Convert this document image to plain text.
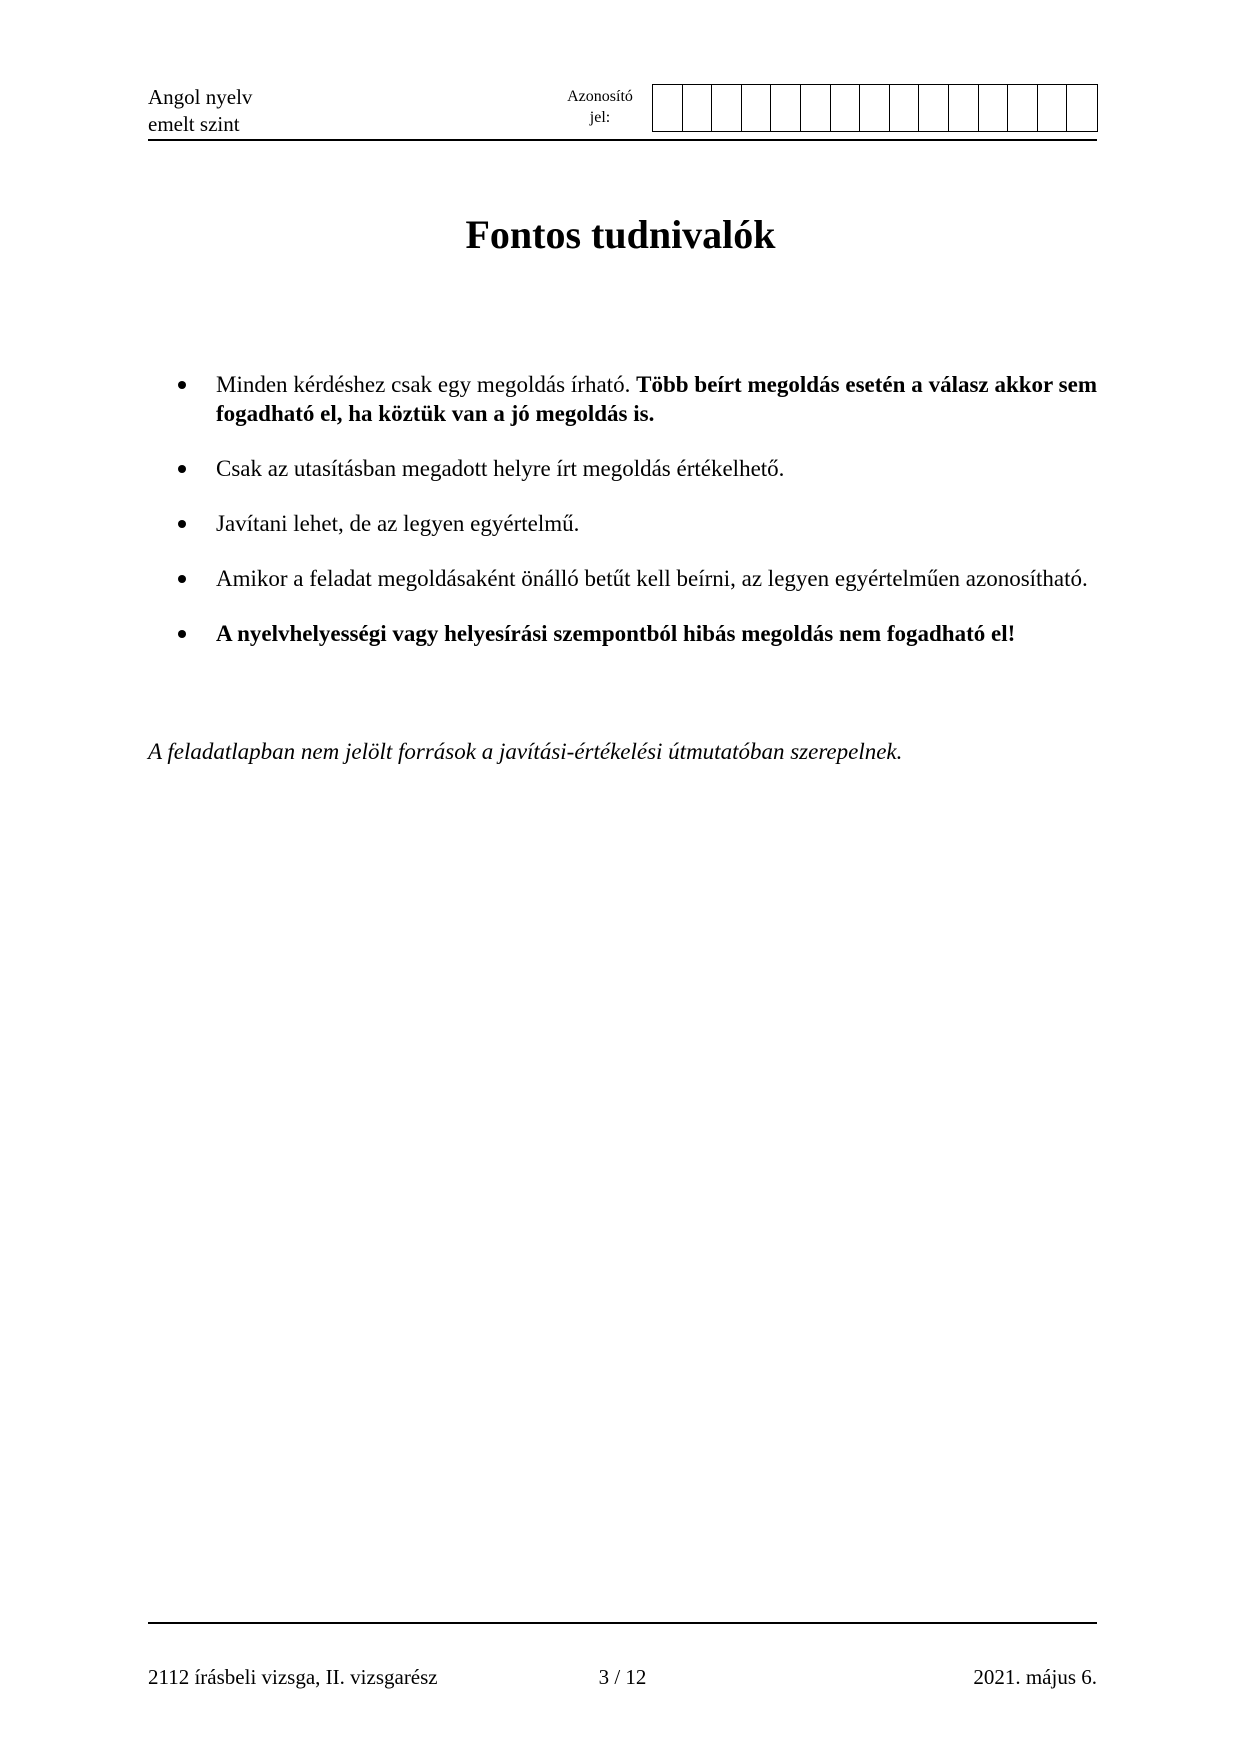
Angol nyelv
emelt szint
Azonosító
jel:
Fontos tudnivalók
Minden kérdéshez csak egy megoldás írható. Több beírt megoldás esetén a válasz akkor sem fogadható el, ha köztük van a jó megoldás is.
Csak az utasításban megadott helyre írt megoldás értékelhető.
Javítani lehet, de az legyen egyértelmű.
Amikor a feladat megoldásaként önálló betűt kell beírni, az legyen egyértelműen azonosítható.
A nyelvhelyességi vagy helyesírási szempontból hibás megoldás nem fogadható el!
A feladatlapban nem jelölt források a javítási-értékelési útmutatóban szerepelnek.
2112 írásbeli vizsga, II. vizsgarész	3 / 12	2021. május 6.
